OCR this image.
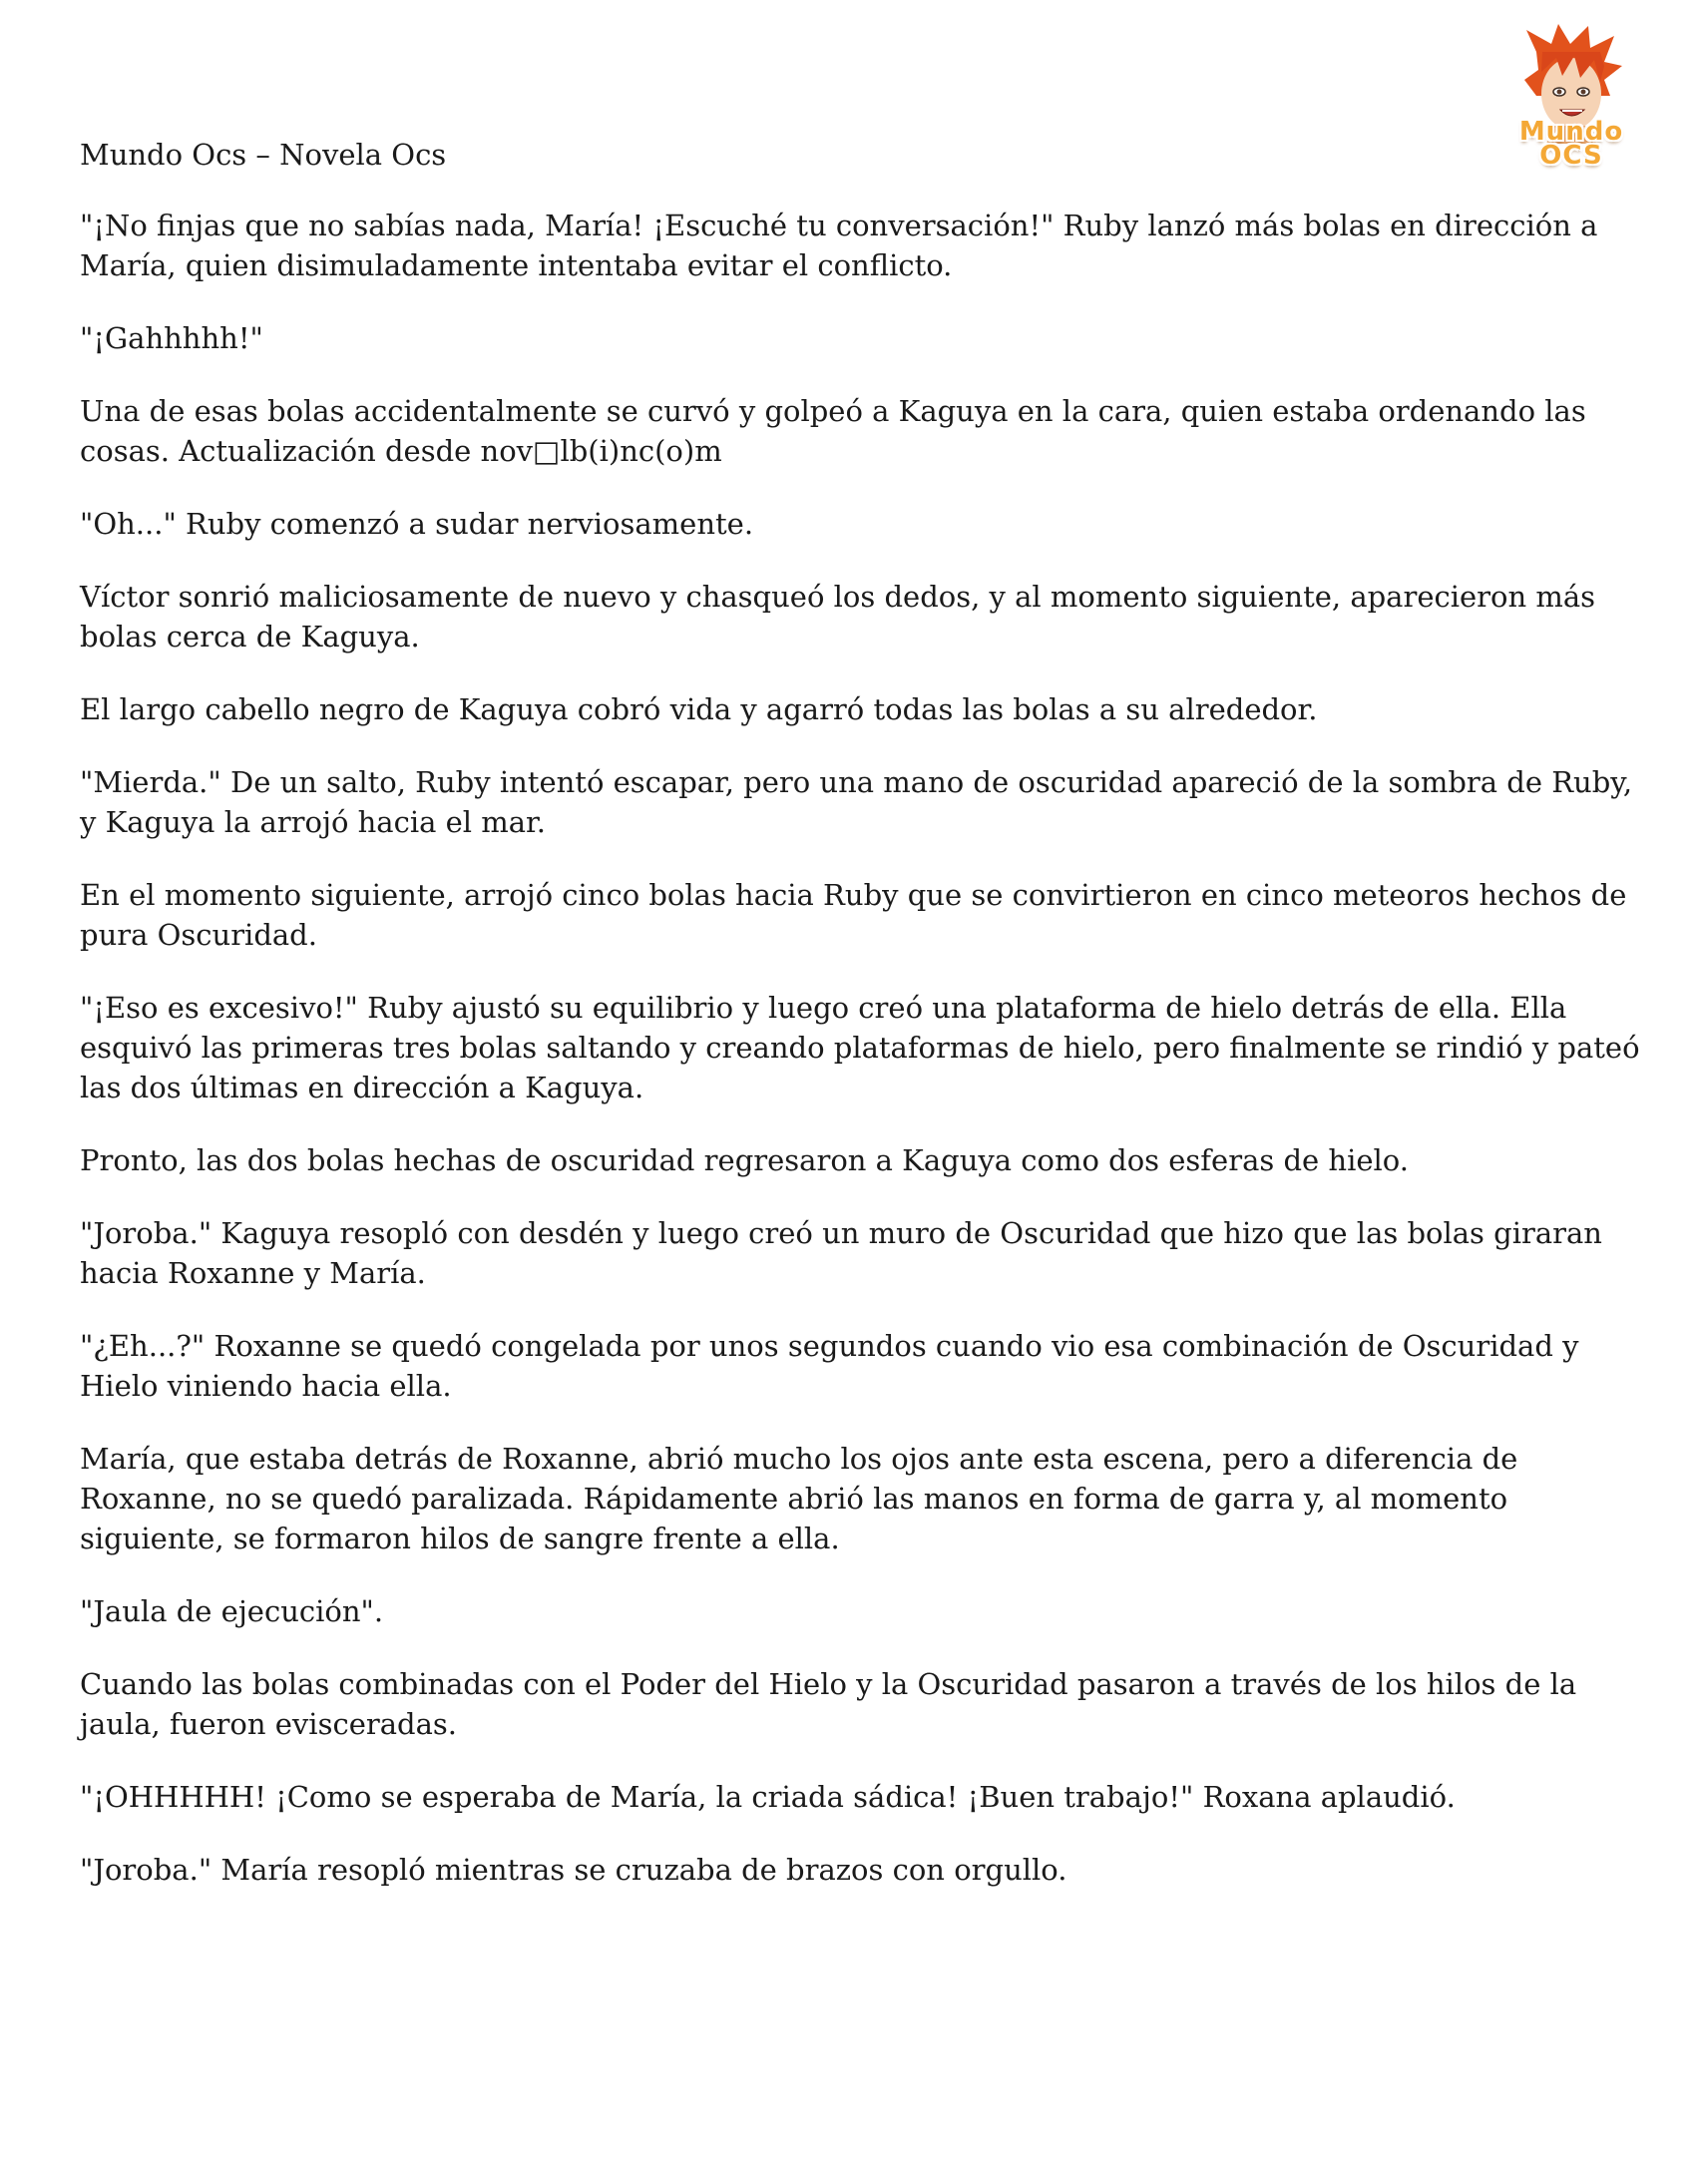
Mundo OCS
Mundo Ocs – Novela Ocs

"¡No finjas que no sabías nada, María! ¡Escuché tu conversación!" Ruby lanzó más bolas en dirección a María, quien disimuladamente intentaba evitar el conflicto.

"¡Gahhhhh!"

Una de esas bolas accidentalmente se curvó y golpeó a Kaguya en la cara, quien estaba ordenando las cosas. Actualización desde nov□lb(i)nc(o)m

"Oh..." Ruby comenzó a sudar nerviosamente.

Víctor sonrió maliciosamente de nuevo y chasqueó los dedos, y al momento siguiente, aparecieron más bolas cerca de Kaguya.

El largo cabello negro de Kaguya cobró vida y agarró todas las bolas a su alrededor.

"Mierda." De un salto, Ruby intentó escapar, pero una mano de oscuridad apareció de la sombra de Ruby, y Kaguya la arrojó hacia el mar.

En el momento siguiente, arrojó cinco bolas hacia Ruby que se convirtieron en cinco meteoros hechos de pura Oscuridad.

"¡Eso es excesivo!" Ruby ajustó su equilibrio y luego creó una plataforma de hielo detrás de ella. Ella esquivó las primeras tres bolas saltando y creando plataformas de hielo, pero finalmente se rindió y pateó las dos últimas en dirección a Kaguya.

Pronto, las dos bolas hechas de oscuridad regresaron a Kaguya como dos esferas de hielo.

"Joroba." Kaguya resopló con desdén y luego creó un muro de Oscuridad que hizo que las bolas giraran hacia Roxanne y María.

"¿Eh...?" Roxanne se quedó congelada por unos segundos cuando vio esa combinación de Oscuridad y Hielo viniendo hacia ella.

María, que estaba detrás de Roxanne, abrió mucho los ojos ante esta escena, pero a diferencia de Roxanne, no se quedó paralizada. Rápidamente abrió las manos en forma de garra y, al momento siguiente, se formaron hilos de sangre frente a ella.

"Jaula de ejecución".

Cuando las bolas combinadas con el Poder del Hielo y la Oscuridad pasaron a través de los hilos de la jaula, fueron evisceradas.

"¡OHHHHH! ¡Como se esperaba de María, la criada sádica! ¡Buen trabajo!" Roxana aplaudió.

"Joroba." María resopló mientras se cruzaba de brazos con orgullo.
